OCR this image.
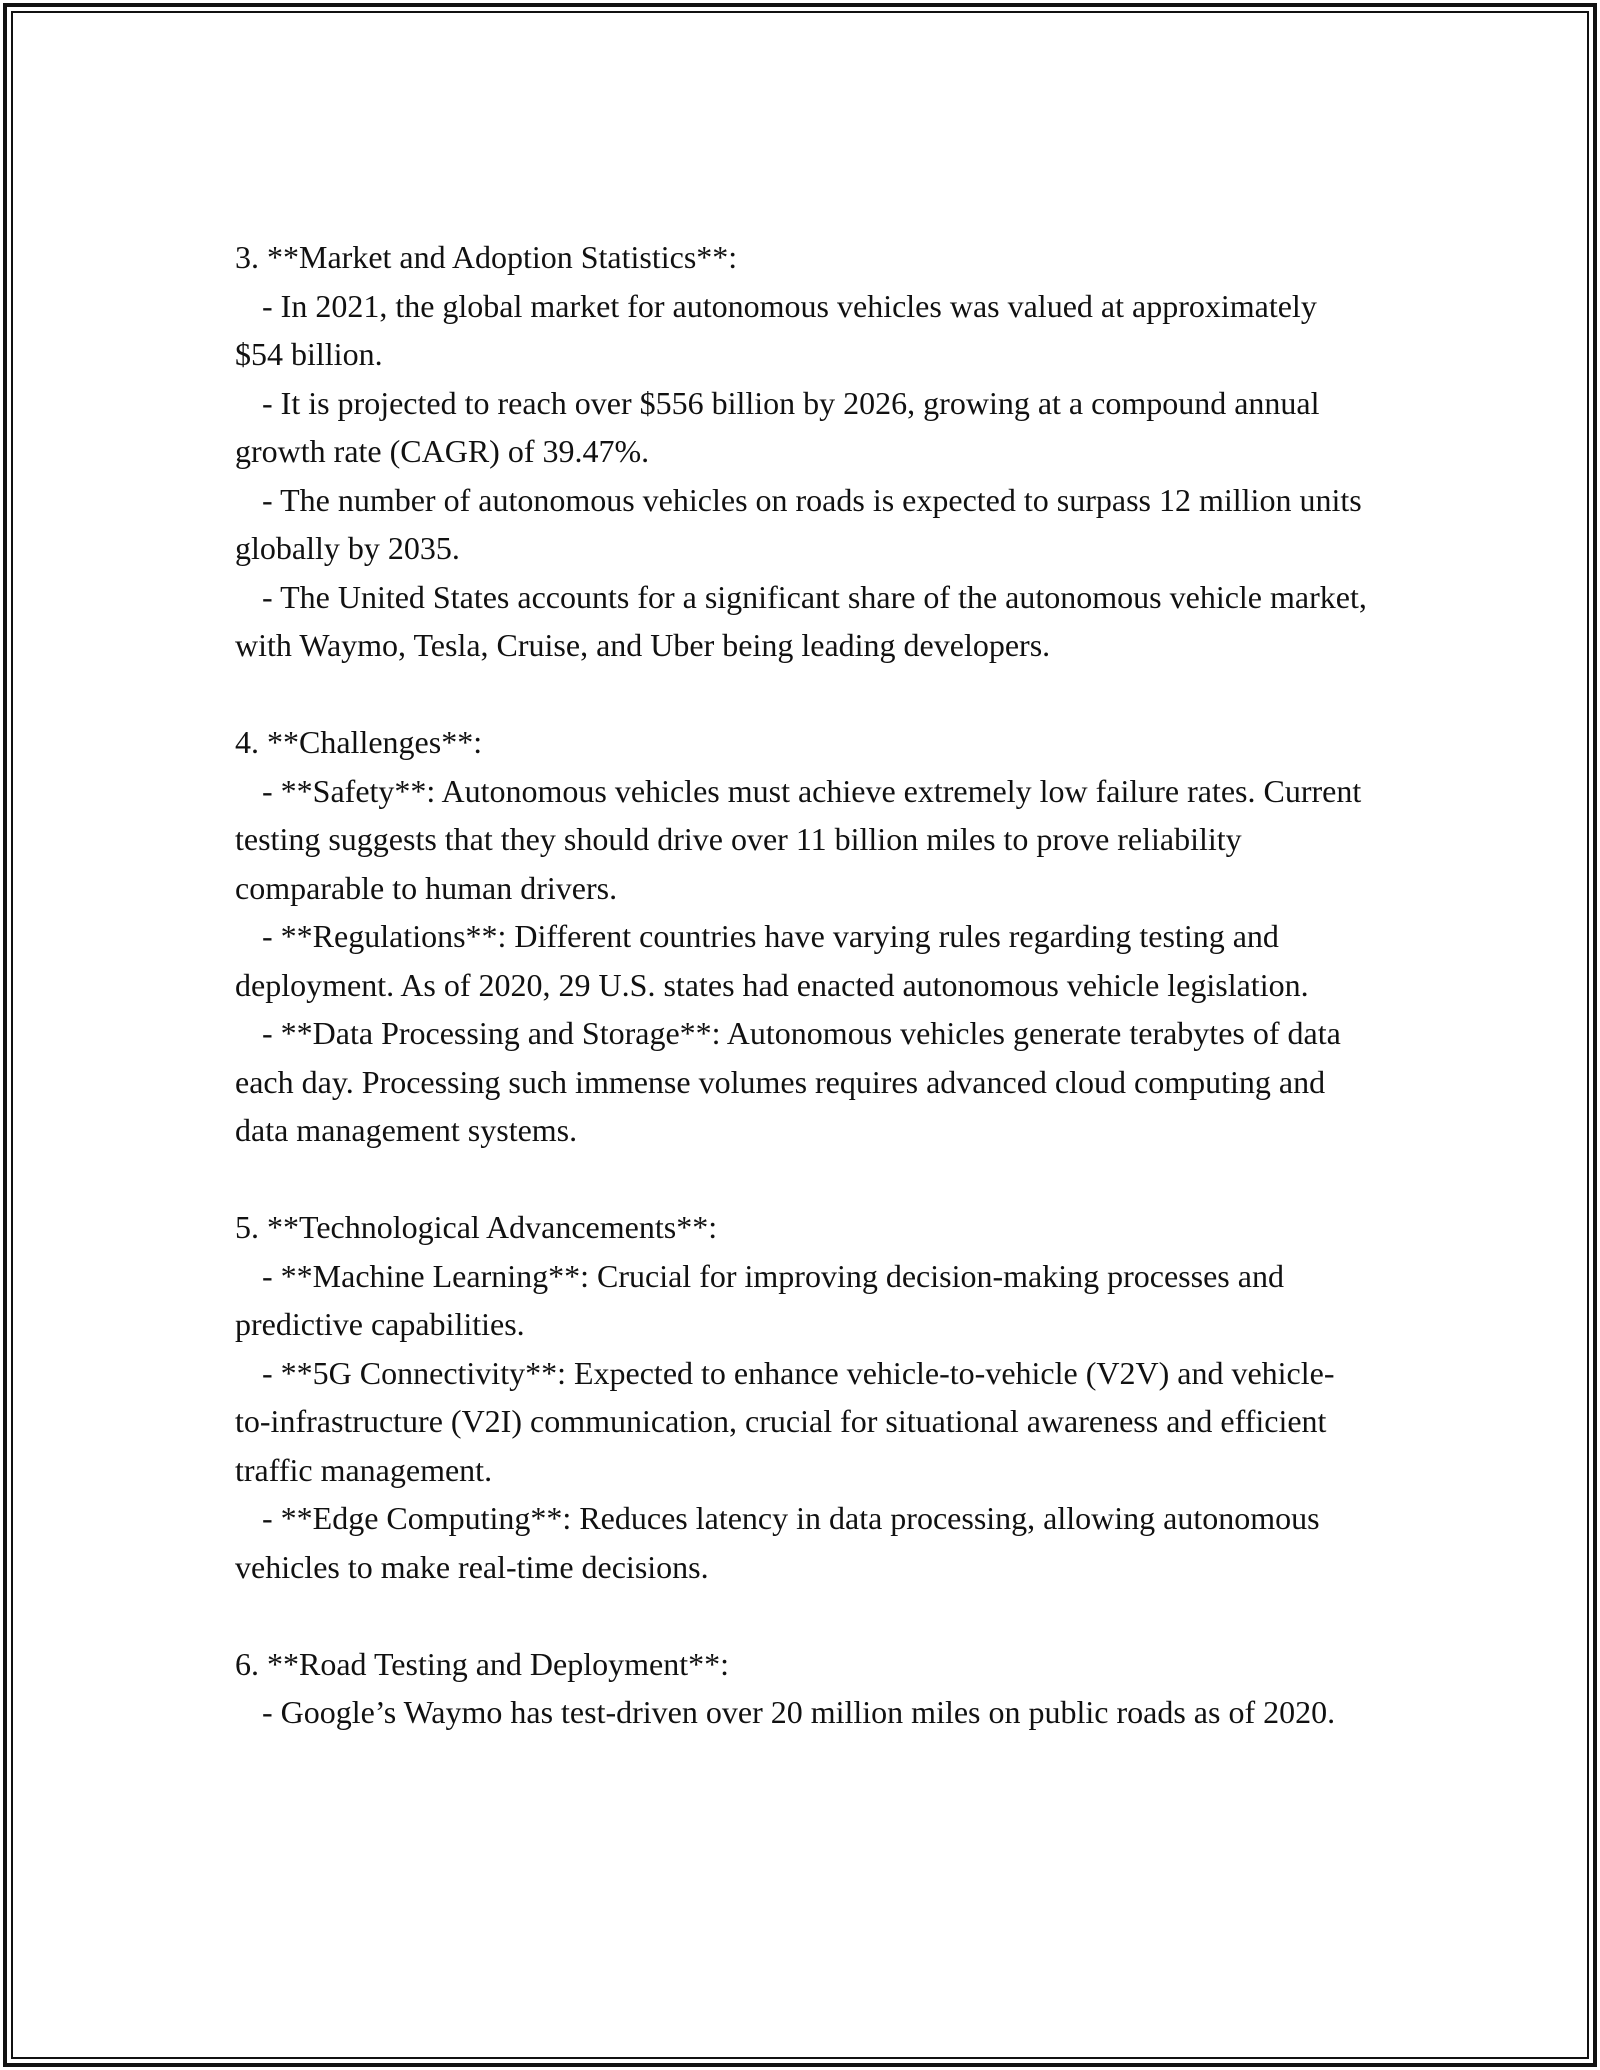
3. **Market and Adoption Statistics**:

- In 2021, the global market for autonomous vehicles was valued at approximately $54 billion.

- It is projected to reach over $556 billion by 2026, growing at a compound annual growth rate (CAGR) of 39.47%.

- The number of autonomous vehicles on roads is expected to surpass 12 million units globally by 2035.

- The United States accounts for a significant share of the autonomous vehicle market, with Waymo, Tesla, Cruise, and Uber being leading developers.

4. **Challenges**:

- **Safety**: Autonomous vehicles must achieve extremely low failure rates. Current testing suggests that they should drive over 11 billion miles to prove reliability comparable to human drivers.

- **Regulations**: Different countries have varying rules regarding testing and deployment. As of 2020, 29 U.S. states had enacted autonomous vehicle legislation.

- **Data Processing and Storage**: Autonomous vehicles generate terabytes of data each day. Processing such immense volumes requires advanced cloud computing and data management systems.

5. **Technological Advancements**:

- **Machine Learning**: Crucial for improving decision-making processes and predictive capabilities.

- **5G Connectivity**: Expected to enhance vehicle-to-vehicle (V2V) and vehicle-to-infrastructure (V2I) communication, crucial for situational awareness and efficient traffic management.

- **Edge Computing**: Reduces latency in data processing, allowing autonomous vehicles to make real-time decisions.

6. **Road Testing and Deployment**:

- Google’s Waymo has test-driven over 20 million miles on public roads as of 2020.
